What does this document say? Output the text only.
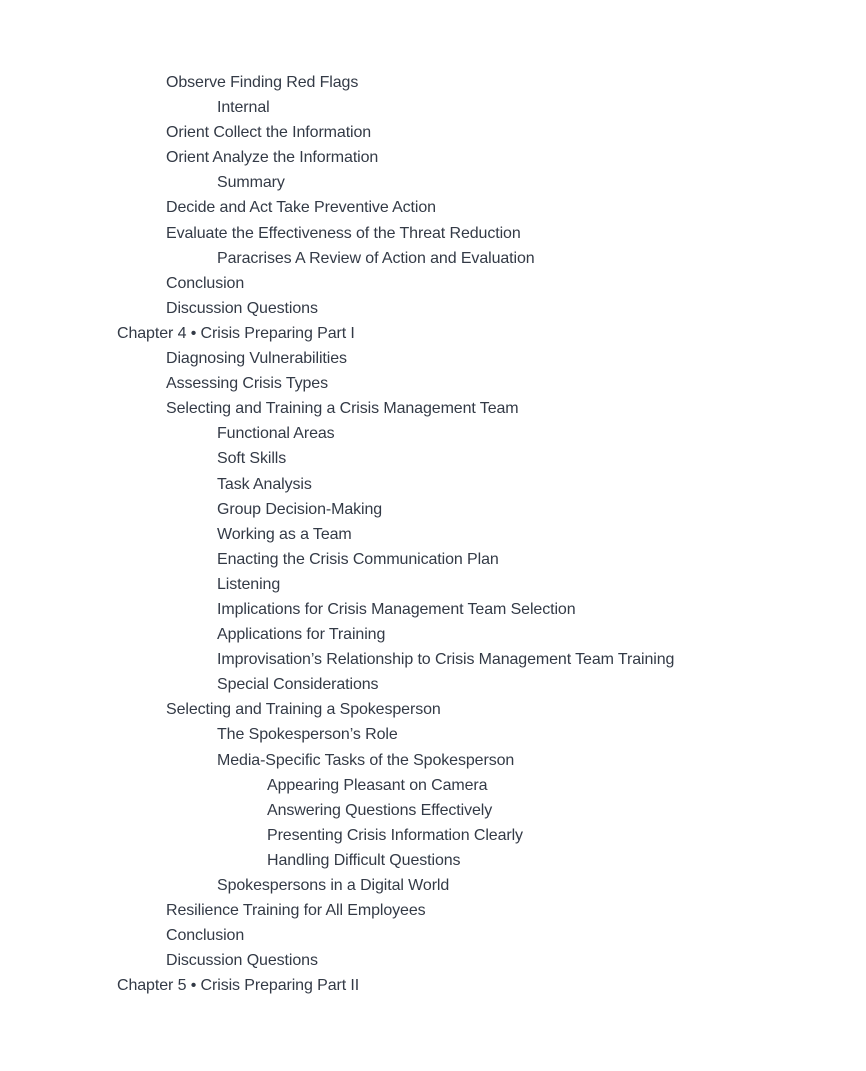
Observe Finding Red Flags
Internal
Orient Collect the Information
Orient Analyze the Information
Summary
Decide and Act Take Preventive Action
Evaluate the Effectiveness of the Threat Reduction
Paracrises A Review of Action and Evaluation
Conclusion
Discussion Questions
Chapter 4 • Crisis Preparing Part I
Diagnosing Vulnerabilities
Assessing Crisis Types
Selecting and Training a Crisis Management Team
Functional Areas
Soft Skills
Task Analysis
Group Decision-Making
Working as a Team
Enacting the Crisis Communication Plan
Listening
Implications for Crisis Management Team Selection
Applications for Training
Improvisation’s Relationship to Crisis Management Team Training
Special Considerations
Selecting and Training a Spokesperson
The Spokesperson’s Role
Media-Specific Tasks of the Spokesperson
Appearing Pleasant on Camera
Answering Questions Effectively
Presenting Crisis Information Clearly
Handling Difficult Questions
Spokespersons in a Digital World
Resilience Training for All Employees
Conclusion
Discussion Questions
Chapter 5 • Crisis Preparing Part II
